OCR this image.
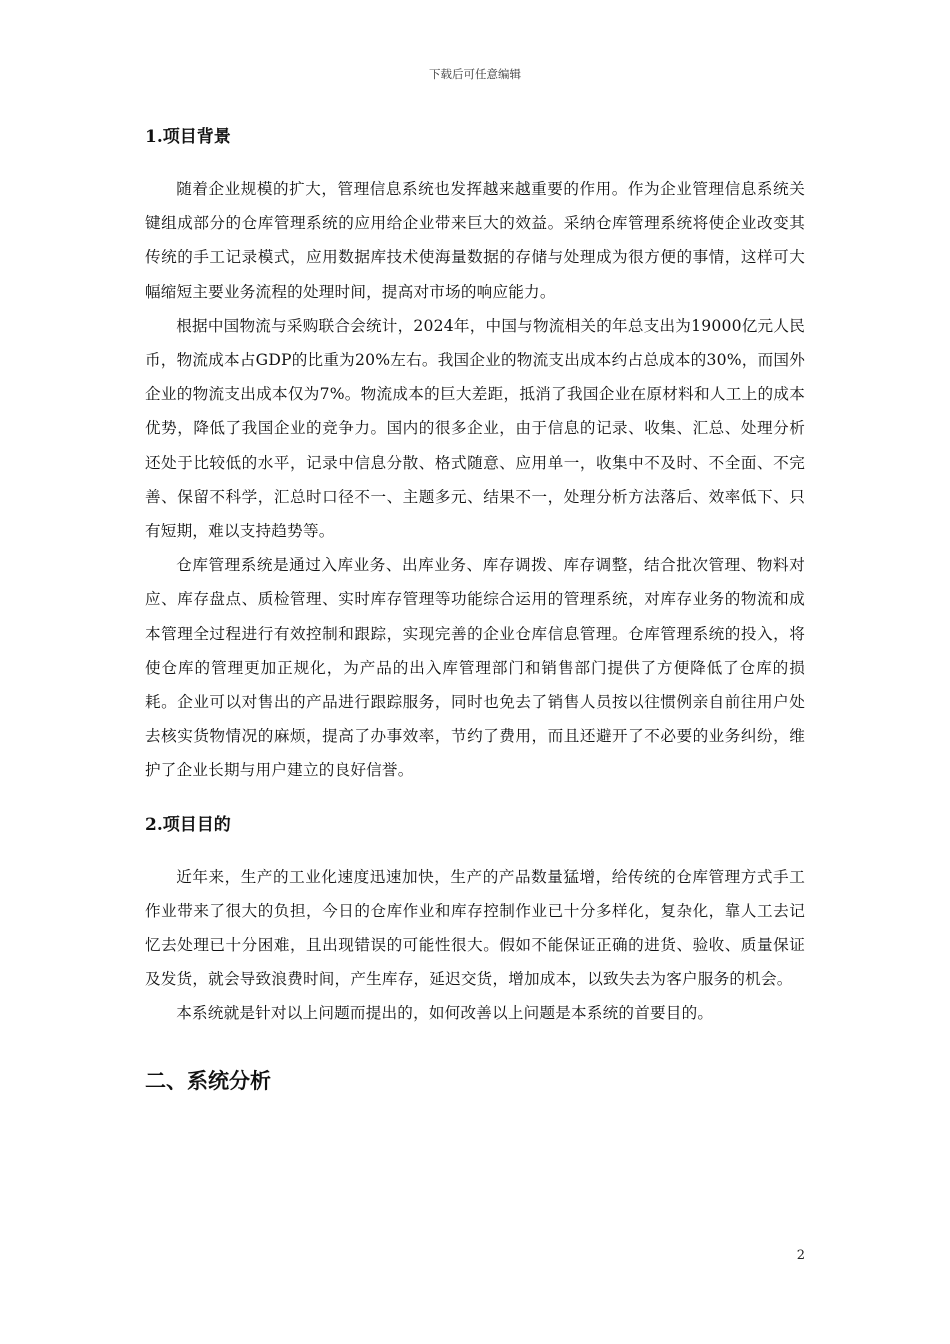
下载后可任意编辑
1.项目背景

随着企业规模的扩大，管理信息系统也发挥越来越重要的作用。作为企业管理信息系统关键组成部分的仓库管理系统的应用给企业带来巨大的效益。采纳仓库管理系统将使企业改变其传统的手工记录模式，应用数据库技术使海量数据的存储与处理成为很方便的事情，这样可大幅缩短主要业务流程的处理时间，提高对市场的响应能力。

根据中国物流与采购联合会统计，2024年，中国与物流相关的年总支出为19000亿元人民币，物流成本占GDP的比重为20%左右。我国企业的物流支出成本约占总成本的30%，而国外企业的物流支出成本仅为7%。物流成本的巨大差距，抵消了我国企业在原材料和人工上的成本优势，降低了我国企业的竞争力。国内的很多企业，由于信息的记录、收集、汇总、处理分析还处于比较低的水平，记录中信息分散、格式随意、应用单一，收集中不及时、不全面、不完善、保留不科学，汇总时口径不一、主题多元、结果不一，处理分析方法落后、效率低下、只有短期，难以支持趋势等。

仓库管理系统是通过入库业务、出库业务、库存调拨、库存调整，结合批次管理、物料对应、库存盘点、质检管理、实时库存管理等功能综合运用的管理系统，对库存业务的物流和成本管理全过程进行有效控制和跟踪，实现完善的企业仓库信息管理。仓库管理系统的投入，将使仓库的管理更加正规化，为产品的出入库管理部门和销售部门提供了方便降低了仓库的损耗。企业可以对售出的产品进行跟踪服务，同时也免去了销售人员按以往惯例亲自前往用户处去核实货物情况的麻烦，提高了办事效率，节约了费用，而且还避开了不必要的业务纠纷，维护了企业长期与用户建立的良好信誉。

2.项目目的

近年来，生产的工业化速度迅速加快，生产的产品数量猛增，给传统的仓库管理方式手工作业带来了很大的负担，今日的仓库作业和库存控制作业已十分多样化，复杂化，靠人工去记忆去处理已十分困难，且出现错误的可能性很大。假如不能保证正确的进货、验收、质量保证及发货，就会导致浪费时间，产生库存，延迟交货，增加成本，以致失去为客户服务的机会。

本系统就是针对以上问题而提出的，如何改善以上问题是本系统的首要目的。

二、系统分析
2
